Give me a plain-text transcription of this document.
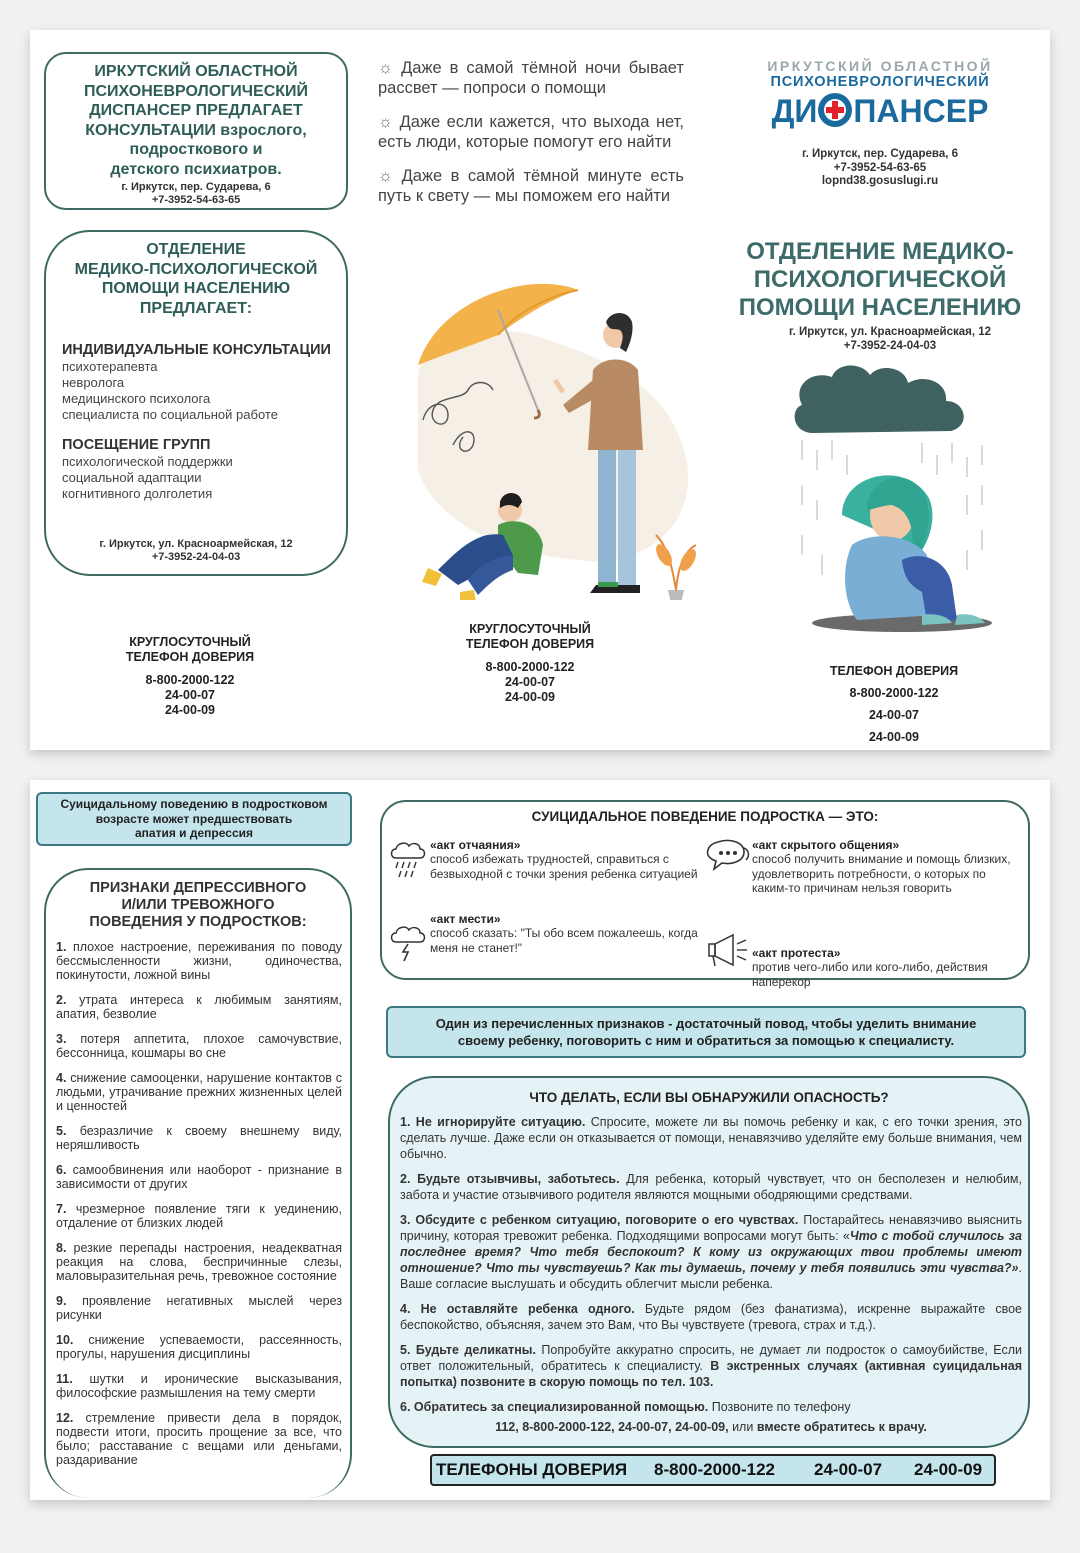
ИРКУТСКИЙ ОБЛАСТНОЙ
ПСИХОНЕВРОЛОГИЧЕСКИЙ
ДИСПАНСЕР ПРЕДЛАГАЕТ
КОНСУЛЬТАЦИИ взрослого,
подросткового и
детского психиатров.
г. Иркутск, пер. Сударева, 6
+7-3952-54-63-65
ОТДЕЛЕНИЕ
МЕДИКО-ПСИХОЛОГИЧЕСКОЙ
ПОМОЩИ НАСЕЛЕНИЮ
ПРЕДЛАГАЕТ:
ИНДИВИДУАЛЬНЫЕ КОНСУЛЬТАЦИИ
психотерапевта
невролога
медицинского психолога
специалиста по социальной работе
ПОСЕЩЕНИЕ ГРУПП
психологической поддержки
социальной адаптации
когнитивного долголетия
г. Иркутск, ул. Красноармейская, 12
+7-3952-24-04-03
КРУГЛОСУТОЧНЫЙ
ТЕЛЕФОН ДОВЕРИЯ
8-800-2000-122
24-00-07
24-00-09

☼ Даже в самой тёмной ночи бывает рассвет — попроси о помощи

☼ Даже если кажется, что выхода нет, есть люди, которые помогут его найти

☼ Даже в самой тёмной минуте есть путь к свету — мы поможем его найти

КРУГЛОСУТОЧНЫЙ
ТЕЛЕФОН ДОВЕРИЯ
8-800-2000-122
24-00-07
24-00-09
ИРКУТСКИЙ ОБЛАСТНОЙ
ПСИХОНЕВРОЛОГИЧЕСКИЙ
ДИ ПАНСЕР
г. Иркутск, пер. Сударева, 6
+7-3952-54-63-65
lopnd38.gosuslugi.ru
ОТДЕЛЕНИЕ МЕДИКО-
ПСИХОЛОГИЧЕСКОЙ
ПОМОЩИ НАСЕЛЕНИЮ
г. Иркутск, ул. Красноармейская, 12
+7-3952-24-04-03
ТЕЛЕФОН ДОВЕРИЯ
8-800-2000-122
24-00-07
24-00-09
Суицидальному поведению в подростковом
возрасте может предшествовать
апатия и депрессия
ПРИЗНАКИ ДЕПРЕССИВНОГО
И/ИЛИ ТРЕВОЖНОГО
ПОВЕДЕНИЯ У ПОДРОСТКОВ:

1. плохое настроение, переживания по поводу бессмысленности жизни, одиночества, покинутости, ложной вины

2. утрата интереса к любимым занятиям, апатия, безволие

3. потеря аппетита, плохое самочувствие, бессонница, кошмары во сне

4. снижение самооценки, нарушение контактов с людьми, утрачивание прежних жизненных целей и ценностей

5. безразличие к своему внешнему виду, неряшливость

6. самообвинения или наоборот - признание в зависимости от других

7. чрезмерное появление тяги к уединению, отдаление от близких людей

8. резкие перепады настроения, неадекватная реакция на слова, беспричинные слезы, маловыразительная речь, тревожное состояние

9. проявление негативных мыслей через рисунки

10. снижение успеваемости, рассеянность, прогулы, нарушения дисциплины

11. шутки и иронические высказывания, философские размышления на тему смерти

12. стремление привести дела в порядок, подвести итоги, просить прощение за все, что было; расставание с вещами или деньгами, раздаривание

СУИЦИДАЛЬНОЕ ПОВЕДЕНИЕ ПОДРОСТКА — ЭТО:
«акт отчаяния»
способ избежать трудностей, справиться с безвыходной с точки зрения ребенка ситуацией
«акт скрытого общения»
способ получить внимание и помощь близких, удовлетворить потребности, о которых по каким-то причинам нельзя говорить
«акт мести»
способ сказать: "Ты обо всем пожалеешь, когда меня не станет!"	«акт протеста»
против чего-либо или кого-либо, действия наперекор
Один из перечисленных признаков - достаточный повод, чтобы уделить внимание
своему ребенку, поговорить с ним и обратиться за помощью к специалисту.
ЧТО ДЕЛАТЬ, ЕСЛИ ВЫ ОБНАРУЖИЛИ ОПАСНОСТЬ?

1. Не игнорируйте ситуацию. Спросите, можете ли вы помочь ребенку и как, с его точки зрения, это сделать лучше. Даже если он отказывается от помощи, ненавязчиво уделяйте ему больше внимания, чем обычно.

2. Будьте отзывчивы, заботьтесь. Для ребенка, который чувствует, что он бесполезен и нелюбим, забота и участие отзывчивого родителя являются мощными ободряющими средствами.

3. Обсудите с ребенком ситуацию, поговорите о его чувствах. Постарайтесь ненавязчиво выяснить причину, которая тревожит ребенка. Подходящими вопросами могут быть: «Что с тобой случилось за последнее время? Что тебя беспокоит? К кому из окружающих твои проблемы имеют отношение? Что ты чувствуешь? Как ты думаешь, почему у тебя появились эти чувства?». Ваше согласие выслушать и обсудить облегчит мысли ребенка.

4. Не оставляйте ребенка одного. Будьте рядом (без фанатизма), искренне выражайте свое беспокойство, объясняя, зачем это Вам, что Вы чувствуете (тревога, страх и т.д.).

5. Будьте деликатны. Попробуйте аккуратно спросить, не думает ли подросток о самоубийстве, Если ответ положительный, обратитесь к специалисту. В экстренных случаях (активная суицидальная попытка) позвоните в скорую помощь по тел. 103.

6. Обратитесь за специализированной помощью. Позвоните по телефону

112, 8-800-2000-122, 24-00-07, 24-00-09, или вместе обратитесь к врачу.

ТЕЛЕФОНЫ ДОВЕРИЯ 8-800-2000-122 24-00-07 24-00-09
